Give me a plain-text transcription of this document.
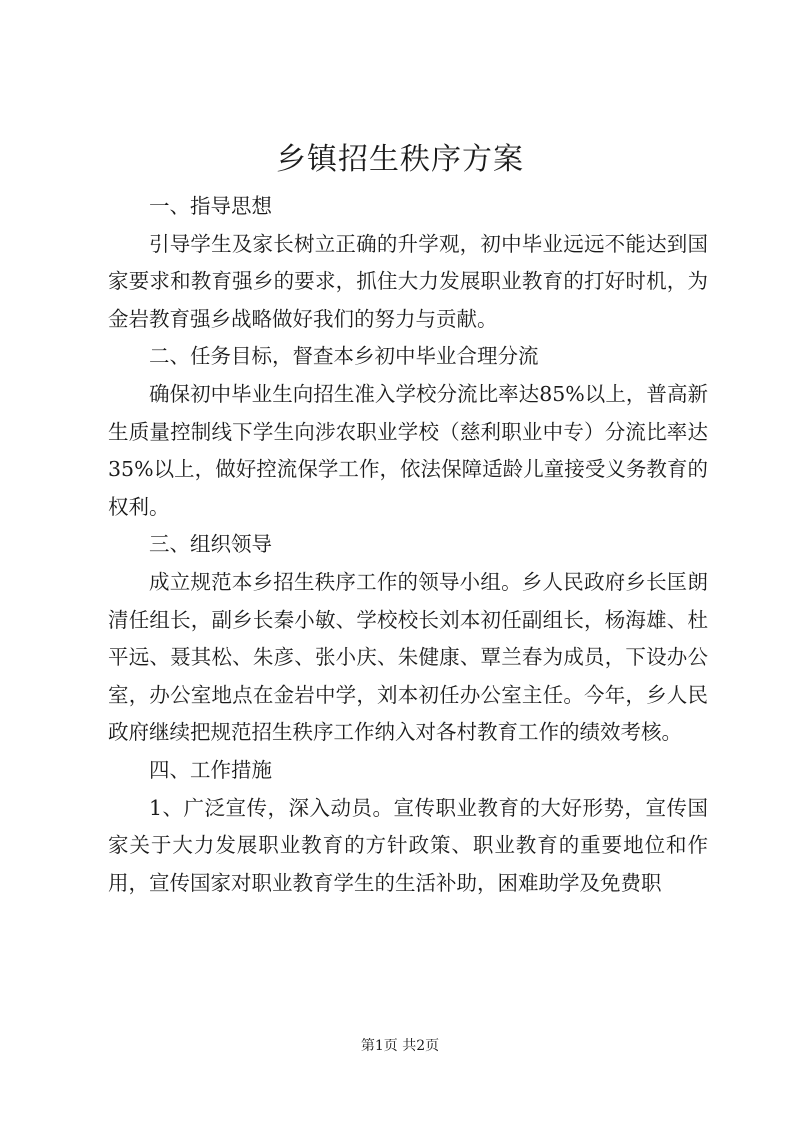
乡镇招生秩序方案

一、指导思想

引导学生及家长树立正确的升学观，初中毕业远远不能达到国家要求和教育强乡的要求，抓住大力发展职业教育的打好时机，为金岩教育强乡战略做好我们的努力与贡献。

二、任务目标，督查本乡初中毕业合理分流

确保初中毕业生向招生准入学校分流比率达85%以上，普高新生质量控制线下学生向涉农职业学校（慈利职业中专）分流比率达35%以上，做好控流保学工作，依法保障适龄儿童接受义务教育的权利。

三、组织领导

成立规范本乡招生秩序工作的领导小组。乡人民政府乡长匡朗清任组长，副乡长秦小敏、学校校长刘本初任副组长，杨海雄、杜平远、聂其松、朱彦、张小庆、朱健康、覃兰春为成员，下设办公室，办公室地点在金岩中学，刘本初任办公室主任。今年，乡人民政府继续把规范招生秩序工作纳入对各村教育工作的绩效考核。

四、工作措施

1、广泛宣传，深入动员。宣传职业教育的大好形势，宣传国家关于大力发展职业教育的方针政策、职业教育的重要地位和作用，宣传国家对职业教育学生的生活补助，困难助学及免费职

第1页 共2页
